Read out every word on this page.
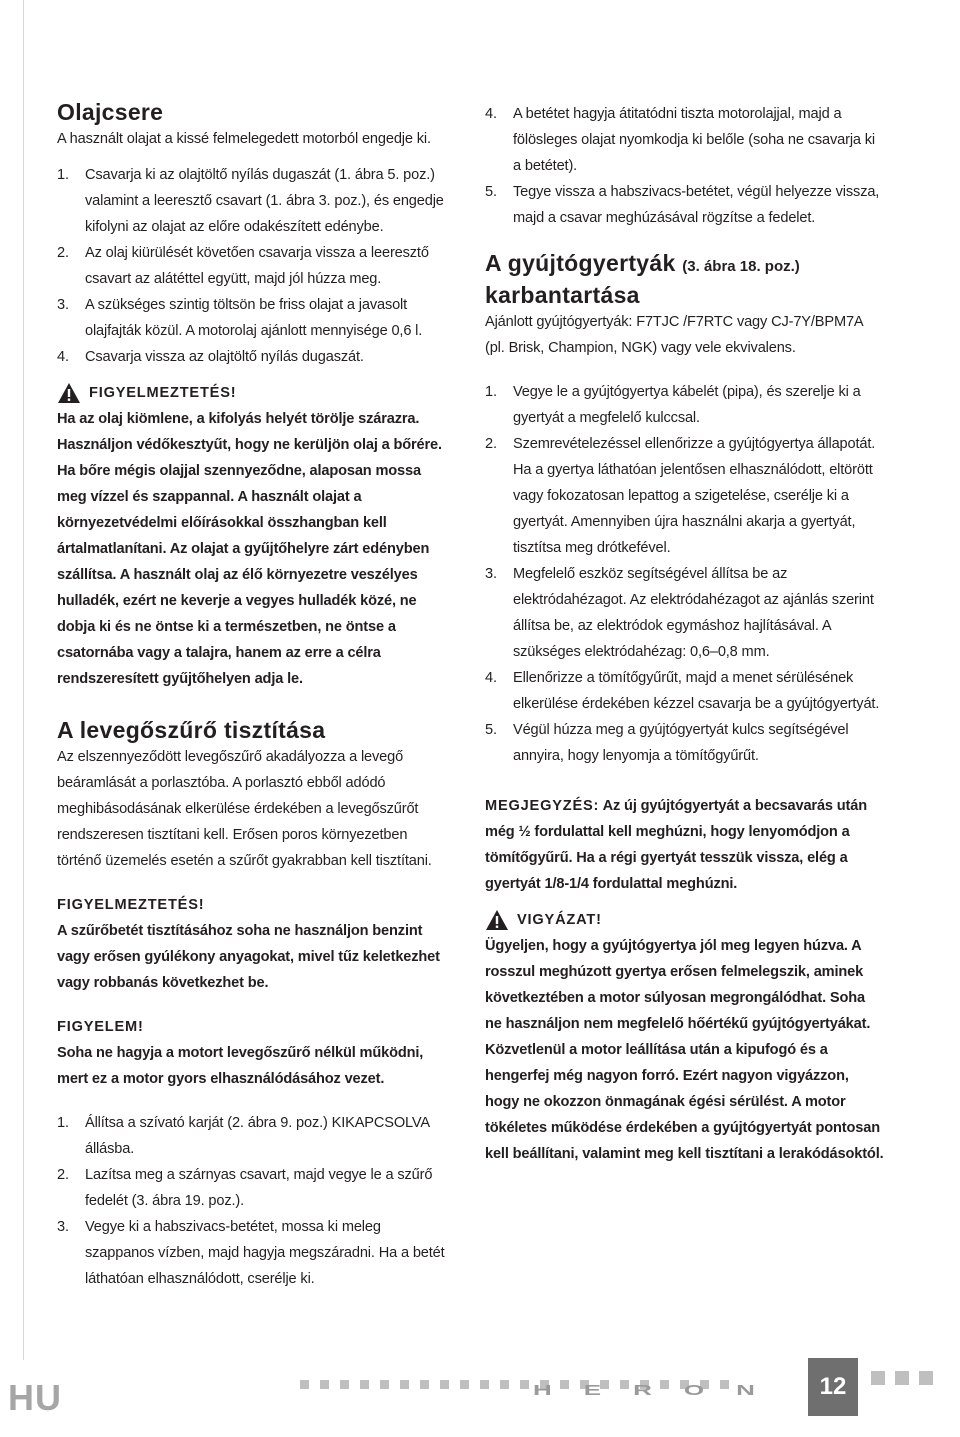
Olajcsere

A használt olajat a kissé felmelegedett motorból engedje ki.

1. Csavarja ki az olajtöltő nyílás dugaszát (1. ábra 5. poz.) valamint a leeresztő csavart (1. ábra 3. poz.), és engedje kifolyni az olajat az előre odakészített edénybe.
2. Az olaj kiürülését követően csavarja vissza a leeresztő csavart az alátéttel együtt, majd jól húzza meg.
3. A szükséges szintig töltsön be friss olajat a javasolt olajfajták közül. A motorolaj ajánlott mennyisége 0,6 l.
4. Csavarja vissza az olajtöltő nyílás dugaszát.
FIGYELMEZTETÉS!

Ha az olaj kiömlene, a kifolyás helyét törölje szárazra. Használjon védőkesztyűt, hogy ne kerüljön olaj a bőrére. Ha bőre mégis olajjal szennyeződne, alaposan mossa meg vízzel és szappannal. A használt olajat a környezetvédelmi előírásokkal összhangban kell ártalmatlanítani. Az olajat a gyűjtőhelyre zárt edényben szállítsa. A használt olaj az élő környezetre veszélyes hulladék, ezért ne keverje a vegyes hulladék közé, ne dobja ki és ne öntse ki a természetben, ne öntse a csatornába vagy a talajra, hanem az erre a célra rendszeresített gyűjtőhelyen adja le.

A levegőszűrő tisztítása

Az elszennyeződött levegőszűrő akadályozza a levegő beáramlását a porlasztóba. A porlasztó ebből adódó meghibásodásának elkerülése érdekében a levegőszűrőt rendszeresen tisztítani kell. Erősen poros környezetben történő üzemelés esetén a szűrőt gyakrabban kell tisztítani.

FIGYELMEZTETÉS!

A szűrőbetét tisztításához soha ne használjon benzint vagy erősen gyúlékony anyagokat, mivel tűz keletkezhet vagy robbanás következhet be.

FIGYELEM!

Soha ne hagyja a motort levegőszűrő nélkül működni, mert ez a motor gyors elhasználódásához vezet.

1. Állítsa a szívató karját (2. ábra 9. poz.) KIKAPCSOLVA állásba.
2. Lazítsa meg a szárnyas csavart, majd vegye le a szűrő fedelét (3. ábra 19. poz.).
3. Vegye ki a habszivacs-betétet, mossa ki meleg szappanos vízben, majd hagyja megszáradni. Ha a betét láthatóan elhasználódott, cserélje ki.
4. A betétet hagyja átitatódni tiszta motorolajjal, majd a fölösleges olajat nyomkodja ki belőle (soha ne csavarja ki a betétet).
5. Tegye vissza a habszivacs-betétet, végül helyezze vissza, majd a csavar meghúzásával rögzítse a fedelet.
A gyújtógyertyák (3. ábra 18. poz.)
karbantartása

Ajánlott gyújtógyertyák: F7TJC /F7RTC vagy CJ-7Y/BPM7A (pl. Brisk, Champion, NGK) vagy vele ekvivalens.

1. Vegye le a gyújtógyertya kábelét (pipa), és szerelje ki a gyertyát a megfelelő kulccsal.
2. Szemrevételezéssel ellenőrizze a gyújtógyertya állapotát. Ha a gyertya láthatóan jelentősen elhasználódott, eltörött vagy fokozatosan lepattog a szigetelése, cserélje ki a gyertyát. Amennyiben újra használni akarja a gyertyát, tisztítsa meg drótkefével.
3. Megfelelő eszköz segítségével állítsa be az elektródahézagot. Az elektródahézagot az ajánlás szerint állítsa be, az elektródok egymáshoz hajlításával. A szükséges elektródahézag: 0,6–0,8 mm.
4. Ellenőrizze a tömítőgyűrűt, majd a menet sérülésének elkerülése érdekében kézzel csavarja be a gyújtógyertyát.
5. Végül húzza meg a gyújtógyertyát kulcs segítségével annyira, hogy lenyomja a tömítőgyűrűt.

MEGJEGYZÉS: Az új gyújtógyertyát a becsavarás után még ½ fordulattal kell meghúzni, hogy lenyomódjon a tömítőgyűrű. Ha a régi gyertyát tesszük vissza, elég a gyertyát 1/8-1/4 fordulattal meghúzni.

VIGYÁZAT!

Ügyeljen, hogy a gyújtógyertya jól meg legyen húzva. A rosszul meghúzott gyertya erősen felmelegszik, aminek következtében a motor súlyosan megrongálódhat. Soha ne használjon nem megfelelő hőértékű gyújtógyertyákat. Közvetlenül a motor leállítása után a kipufogó és a hengerfej még nagyon forró. Ezért nagyon vigyázzon, hogy ne okozzon önmagának égési sérülést. A motor tökéletes működése érdekében a gyújtógyertyát pontosan kell beállítani, valamint meg kell tisztítani a lerakódásoktól.

HU	H E R O N	12
